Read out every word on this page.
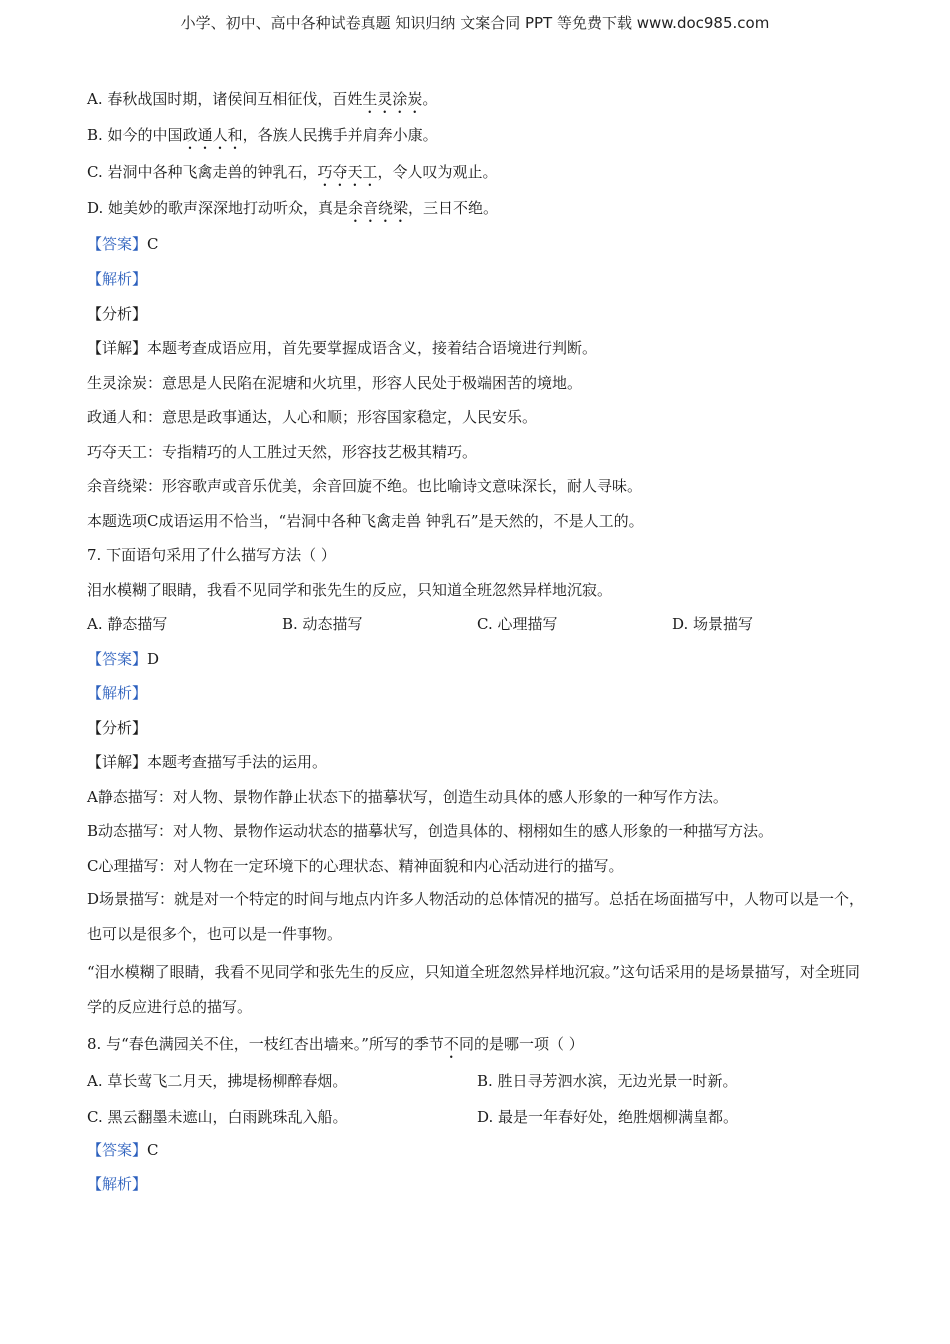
小学、初中、高中各种试卷真题 知识归纳 文案合同 PPT 等免费下载 www.doc985.com
A. 春秋战国时期，诸侯间互相征伐，百姓生灵涂炭。
B. 如今的中国政通人和，各族人民携手并肩奔小康。
C. 岩洞中各种飞禽走兽的钟乳石，巧夺天工，令人叹为观止。
D. 她美妙的歌声深深地打动听众，真是余音绕梁，三日不绝。
【答案】C
【解析】
【分析】
【详解】本题考查成语应用，首先要掌握成语含义，接着结合语境进行判断。
生灵涂炭：意思是人民陷在泥塘和火坑里，形容人民处于极端困苦的境地。
政通人和：意思是政事通达，人心和顺；形容国家稳定，人民安乐。
巧夺天工：专指精巧的人工胜过天然，形容技艺极其精巧。
余音绕梁：形容歌声或音乐优美，余音回旋不绝。也比喻诗文意味深长，耐人寻味。
本题选项C成语运用不恰当，“岩洞中各种飞禽走兽 钟乳石”是天然的，不是人工的。
7. 下面语句采用了什么描写方法（ ）
泪水模糊了眼睛，我看不见同学和张先生的反应，只知道全班忽然异样地沉寂。
A. 静态描写	B. 动态描写	C. 心理描写	D. 场景描写
【答案】D
【解析】
【分析】
【详解】本题考查描写手法的运用。
A静态描写：对人物、景物作静止状态下的描摹状写，创造生动具体的感人形象的一种写作方法。
B动态描写：对人物、景物作运动状态的描摹状写，创造具体的、栩栩如生的感人形象的一种描写方法。
C心理描写：对人物在一定环境下的心理状态、精神面貌和内心活动进行的描写。
D场景描写：就是对一个特定的时间与地点内许多人物活动的总体情况的描写。总括在场面描写中，人物可以是一个，也可以是很多个，也可以是一件事物。
“泪水模糊了眼睛，我看不见同学和张先生的反应，只知道全班忽然异样地沉寂。”这句话采用的是场景描写，对全班同学的反应进行总的描写。
8. 与“春色满园关不住，一枝红杏出墙来。”所写的季节不同的是哪一项（ ）
A. 草长莺飞二月天，拂堤杨柳醉春烟。	B. 胜日寻芳泗水滨，无边光景一时新。
C. 黑云翻墨未遮山，白雨跳珠乱入船。	D. 最是一年春好处，绝胜烟柳满皇都。
【答案】C
【解析】
